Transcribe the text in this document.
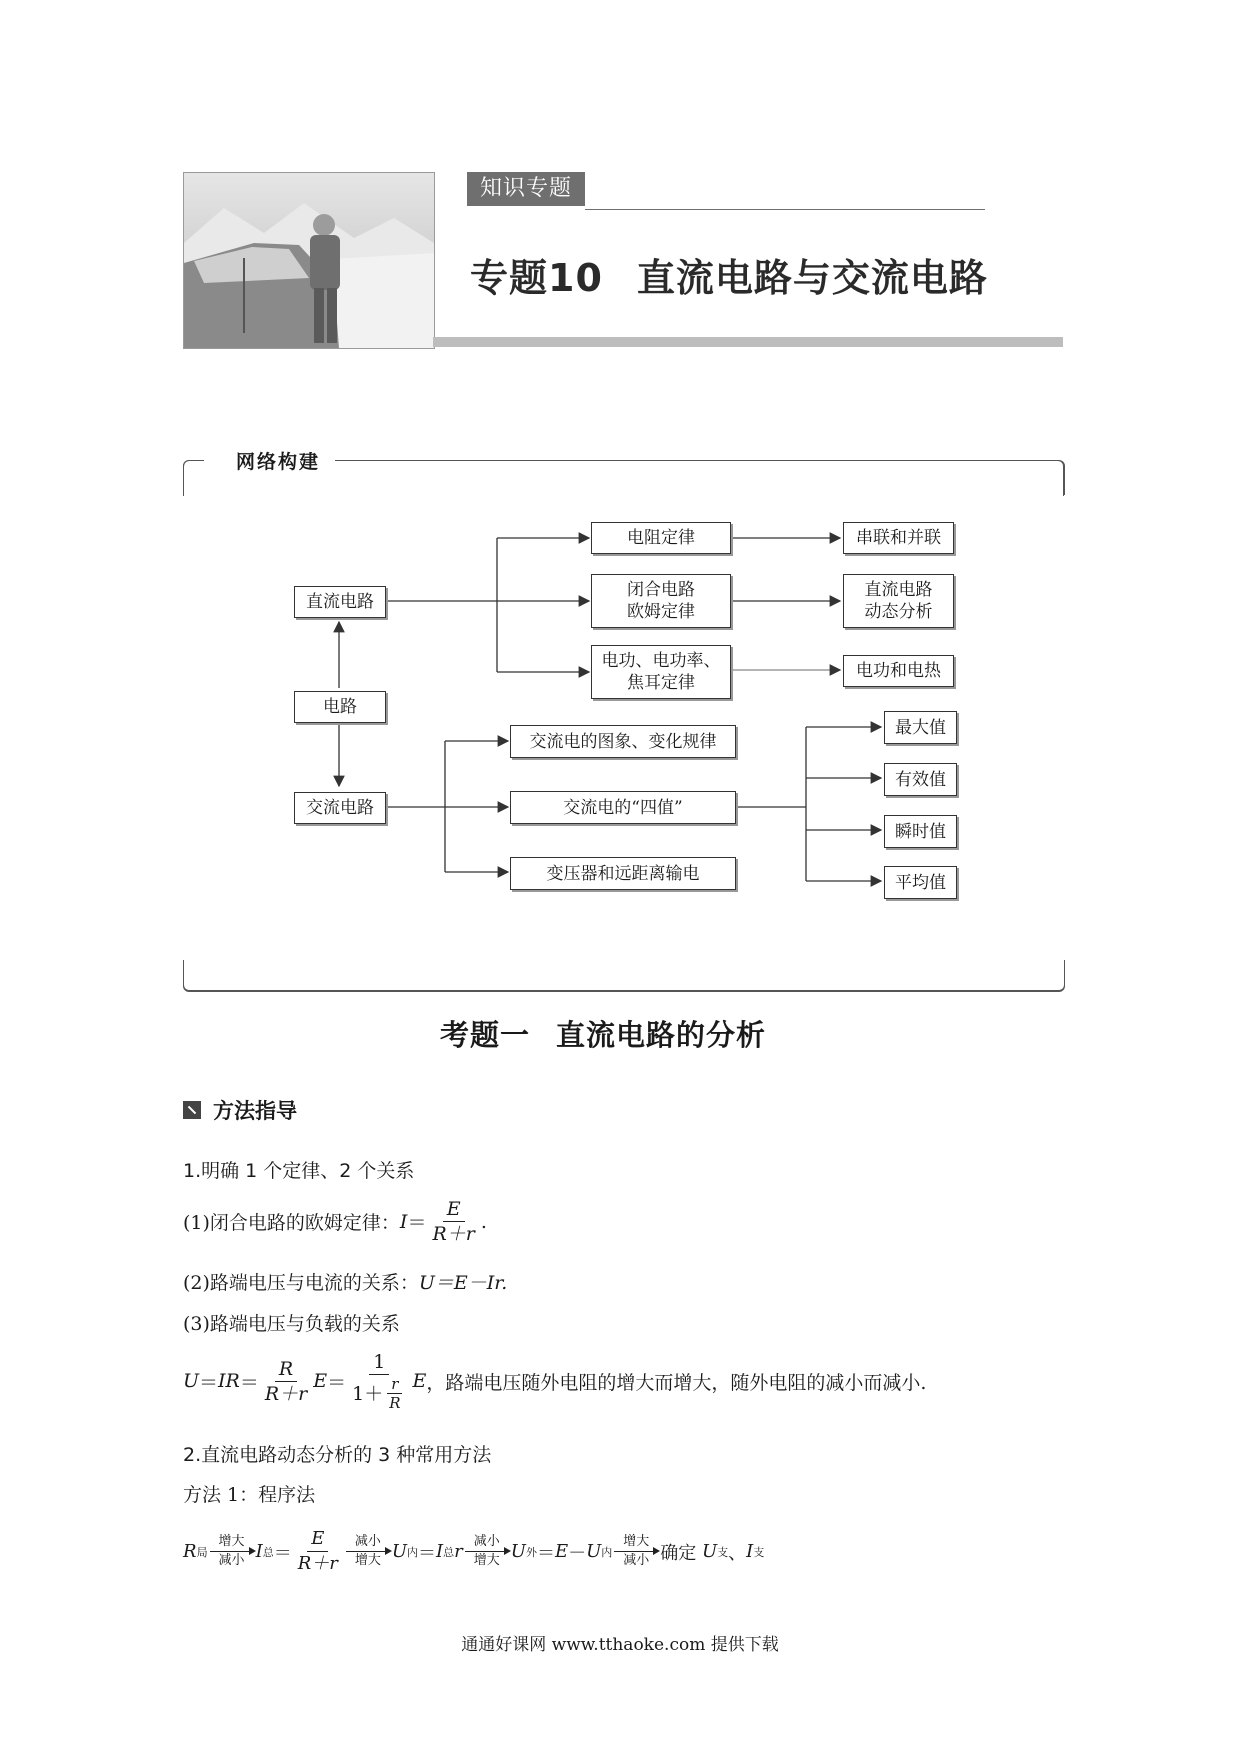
知识专题
专题10 直流电路与交流电路
网络构建
电路
直流电路
交流电路
电阻定律
闭合电路
欧姆定律
电功、电功率、
焦耳定律
串联和并联
直流电路
动态分析
电功和电热
交流电的图象、变化规律
交流电的“四值”
变压器和远距离输电
最大值
有效值
瞬时值
平均值
考题一 直流电路的分析
方法指导
1.明确 1 个定律、2 个关系
(1)闭合电路的欧姆定律： $I = \frac{E}{R+r}$ .
(2)路端电压与电流的关系：U＝E－Ir.
(3)路端电压与负载的关系
U ＝ IR ＝ $\frac{R}{R+r}$ $E = \frac{1}{1+ \frac{r}{R}}$ E ，路端电压随外电阻的增大而增大，随外电阻的减小而减小.
2.直流电路动态分析的 3 种常用方法
方法 1：程序法
R 局
增大
减小 I 总 ＝ $\frac{E}{R+r}$ 减小
增大 U 内 ＝ I 总 r 减小
增大 U 外 ＝ E － U 内
增大
减小 确定
U 支 、 I 支
通通好课网 www.tthaoke.com 提供下载
